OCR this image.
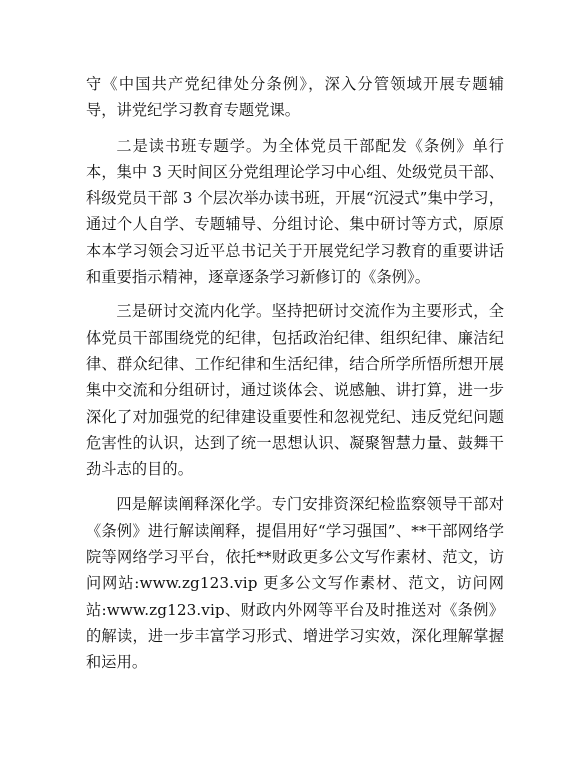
守《中国共产党纪律处分条例》，深入分管领域开展专题辅导，讲党纪学习教育专题党课。

二是读书班专题学。为全体党员干部配发《条例》单行本，集中 3 天时间区分党组理论学习中心组、处级党员干部、科级党员干部 3 个层次举办读书班，开展“沉浸式”集中学习，通过个人自学、专题辅导、分组讨论、集中研讨等方式，原原本本学习领会习近平总书记关于开展党纪学习教育的重要讲话和重要指示精神，逐章逐条学习新修订的《条例》。

三是研讨交流内化学。坚持把研讨交流作为主要形式，全体党员干部围绕党的纪律，包括政治纪律、组织纪律、廉洁纪律、群众纪律、工作纪律和生活纪律，结合所学所悟所想开展集中交流和分组研讨，通过谈体会、说感触、讲打算，进一步深化了对加强党的纪律建设重要性和忽视党纪、违反党纪问题危害性的认识，达到了统一思想认识、凝聚智慧力量、鼓舞干劲斗志的目的。

四是解读阐释深化学。专门安排资深纪检监察领导干部对《条例》进行解读阐释，提倡用好“学习强国”、**干部网络学院等网络学习平台，依托**财政更多公文写作素材、范文，访问网站:www.zg123.vip 更多公文写作素材、范文，访问网站:www.zg123.vip、财政内外网等平台及时推送对《条例》的解读，进一步丰富学习形式、增进学习实效，深化理解掌握和运用。
